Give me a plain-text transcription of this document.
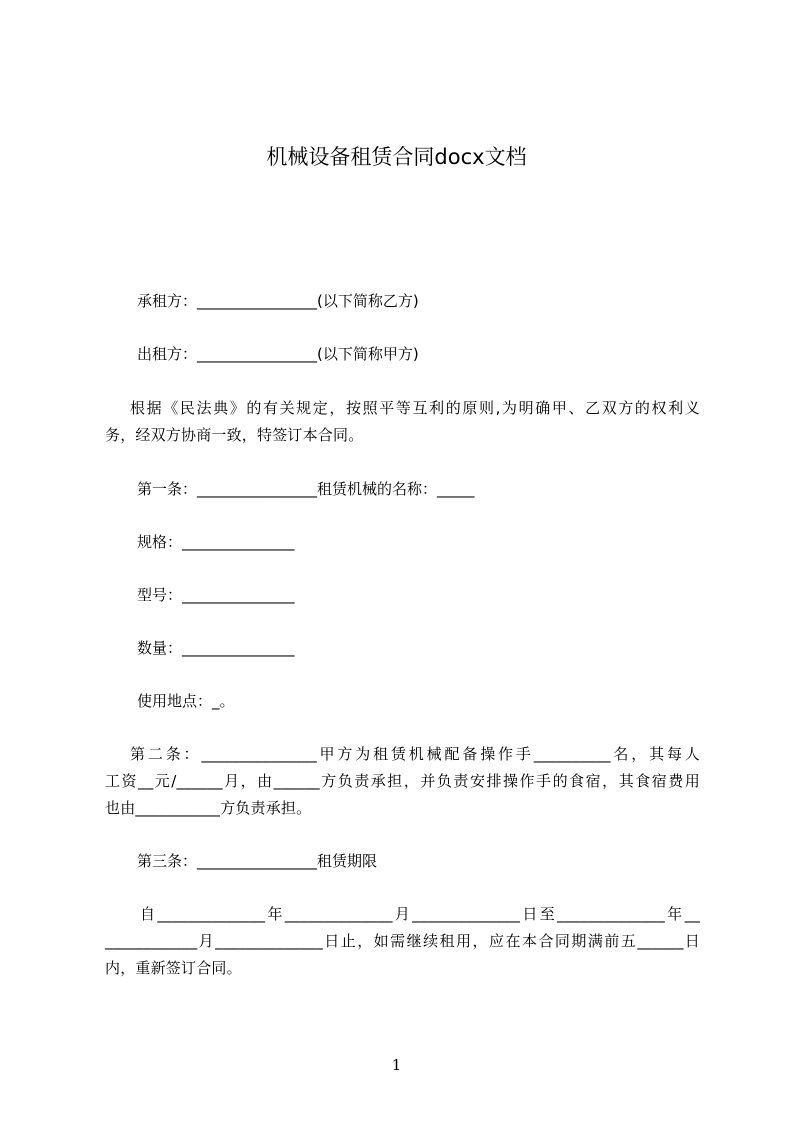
机械设备租赁合同docx文档
承租方：________________(以下简称乙方)
出租方：________________(以下简称甲方)
根据《民法典》的有关规定，按照平等互利的原则,为明确甲、乙双方的权利义
务，经双方协商一致，特签订本合同。
第一条：________________租赁机械的名称：_____
规格：_______________
型号：_______________
数量：_______________
使用地点：_。
第二条：_______________甲方为租赁机械配备操作手__________名，其每人
工资__元/______月，由______方负责承担，并负责安排操作手的食宿，其食宿费用
也由___________方负责承担。
第三条：________________租赁期限
自______________年______________月______________日至______________年__
____________月______________日止，如需继续租用，应在本合同期满前五______日
内，重新签订合同。
1
